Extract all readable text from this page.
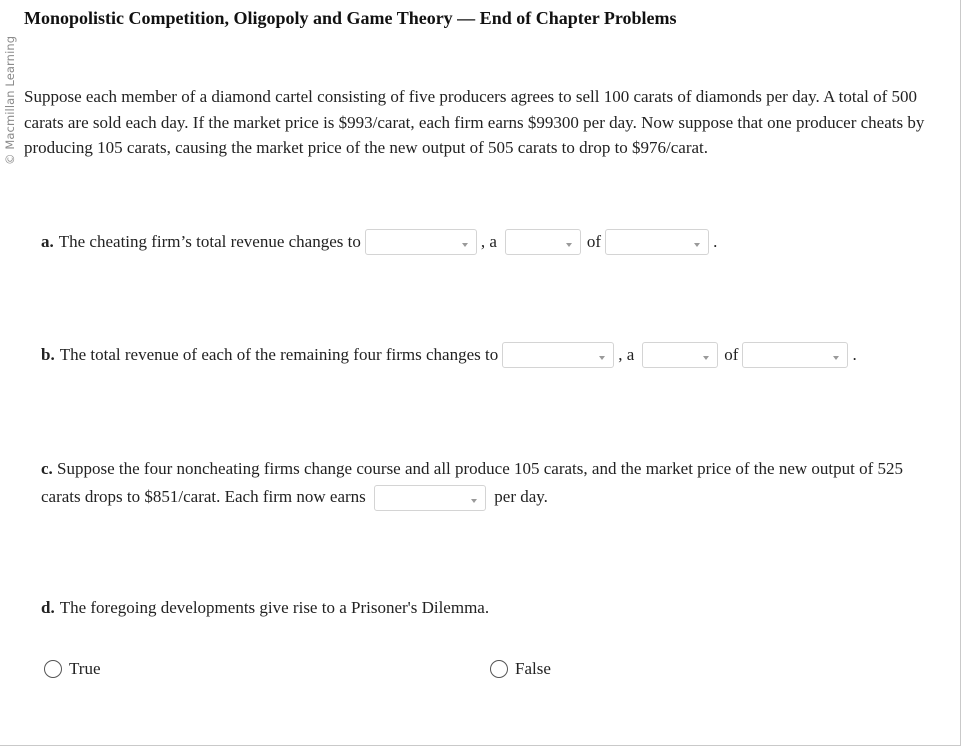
© Macmillan Learning
Monopolistic Competition, Oligopoly and Game Theory — End of Chapter Problems
Suppose each member of a diamond cartel consisting of five producers agrees to sell 100 carats of diamonds per day. A total of 500 carats are sold each day. If the market price is $993/carat, each firm earns $99300 per day. Now suppose that one producer cheats by producing 105 carats, causing the market price of the new output of 505 carats to drop to $976/carat.
a. The cheating firm’s total revenue changes to	, a	of	.
b. The total revenue of each of the remaining four firms changes to	, a	of	.
c. Suppose the four noncheating firms change course and all produce 105 carats, and the market price of the new output of 525 carats drops to $851/carat. Each firm now earns	per day.
d. The foregoing developments give rise to a Prisoner's Dilemma.
True	False
